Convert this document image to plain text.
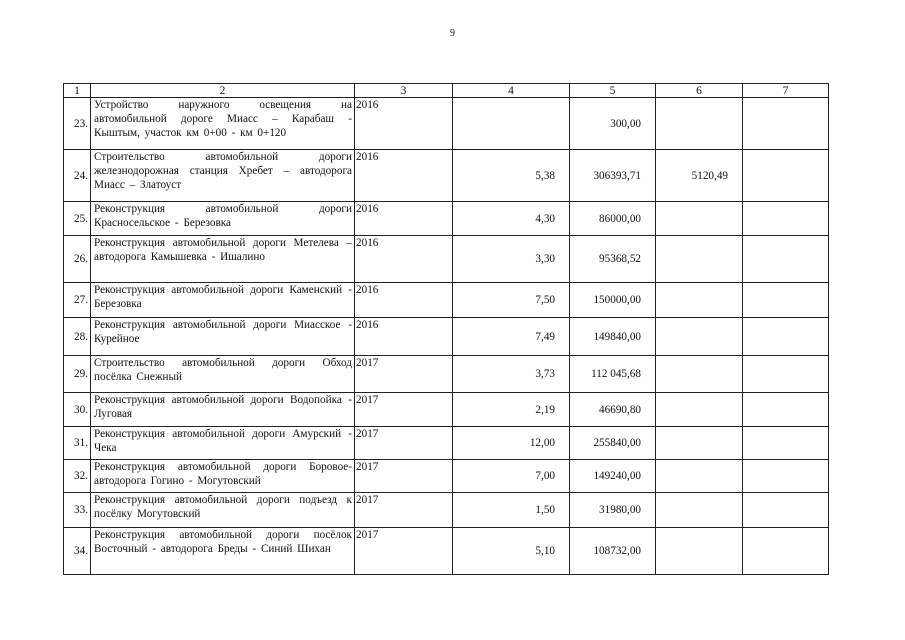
9
1	2	3	4	5	6	7
23.	Устройство наружного освещения на автомобильной дороге Миасс – Карабаш - Кыштым, участок км 0+00 - км 0+120	2016		300,00		
24.	Строительство автомобильной дороги железнодорожная станция Хребет – автодорога Миасс – Златоуст	2016	5,38	306393,71	5120,49	
25.	Реконструкция автомобильной дороги Красносельское - Березовка	2016	4,30	86000,00		
26.	Реконструкция автомобильной дороги Метелева – автодорога Камышевка - Ишалино	2016	3,30	95368,52		
27.	Реконструкция автомобильной дороги Каменский - Березовка	2016	7,50	150000,00		
28.	Реконструкция автомобильной дороги Миасское - Курейное	2016	7,49	149840,00		
29.	Строительство автомобильной дороги Обход посёлка Снежный	2017	3,73	112 045,68		
30.	Реконструкция автомобильной дороги Водопойка - Луговая	2017	2,19	46690,80		
31.	Реконструкция автомобильной дороги Амурский - Чека	2017	12,00	255840,00		
32.	Реконструкция автомобильной дороги Боровое-автодорога Гогино - Могутовский	2017	7,00	149240,00		
33.	Реконструкция автомобильной дороги подъезд к посёлку Могутовский	2017	1,50	31980,00		
34.	Реконструкция автомобильной дороги посёлок Восточный - автодорога Бреды - Синий Шихан	2017	5,10	108732,00		
